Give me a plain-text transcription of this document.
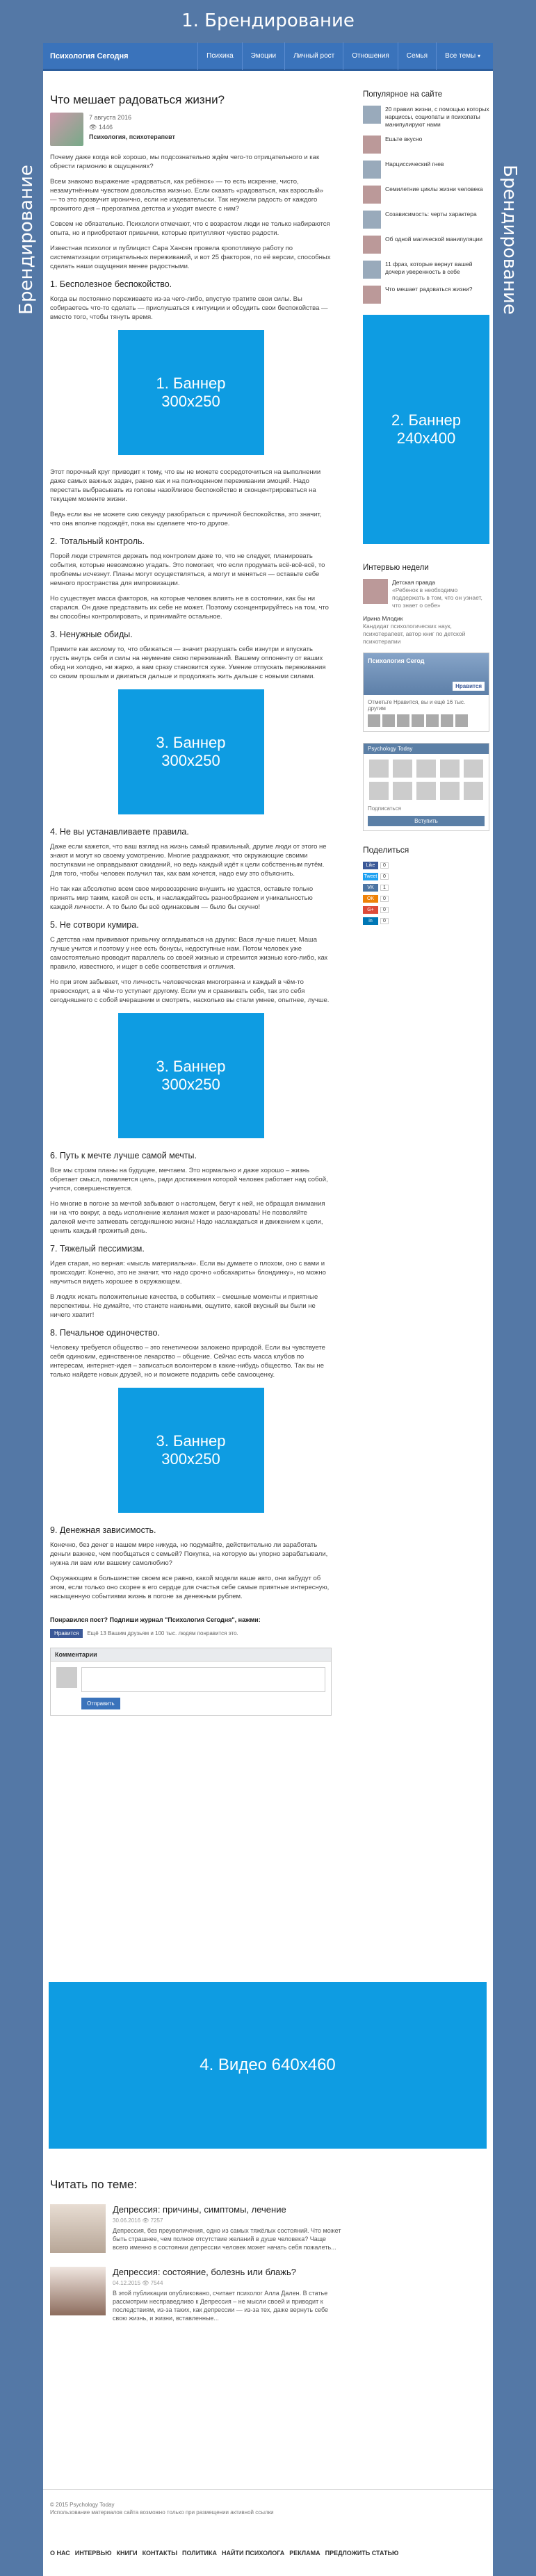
1. Брендирование
Брендирование	Брендирование
Психология Сегодня	Психика	Эмоции	Личный рост	Отношения	Семья	Все темы ▾
Что мешает радоваться жизни?
7 августа 2016
👁 1446
Психология, психотерапевт

Почему даже когда всё хорошо, мы подсознательно ждём чего-то отрицательного и как обрести гармонию в ощущениях?

Всем знакомо выражение «радоваться, как ребёнок» — то есть искренне, чисто, незамутнённым чувством довольства жизнью. Если сказать «радоваться, как взрослый» — то это прозвучит иронично, если не издевательски. Так неужели радость от каждого прожитого дня – прерогатива детства и уходит вместе с ним?

Совсем не обязательно. Психологи отмечают, что с возрастом люди не только набираются опыта, но и приобретают привычки, которые притупляют чувство радости.

Известная психолог и публицист Сара Хансен провела кропотливую работу по систематизации отрицательных переживаний, и вот 25 факторов, по её версии, способных сделать наши ощущения менее радостными.

1. Бесполезное беспокойство.

Когда вы постоянно переживаете из-за чего-либо, впустую тратите свои силы. Вы собираетесь что-то сделать — прислушаться к интуиции и обсудить свои беспокойства — вместо того, чтобы тянуть время.

1. Баннер
300x250

Этот порочный круг приводит к тому, что вы не можете сосредоточиться на выполнении даже самых важных задач, равно как и на полноценном переживании эмоций. Надо перестать выбрасывать из головы назойливое беспокойство и сконцентрироваться на текущем моменте жизни.

Ведь если вы не можете сию секунду разобраться с причиной беспокойства, это значит, что она вполне подождёт, пока вы сделаете что-то другое.

2. Тотальный контроль.

Порой люди стремятся держать под контролем даже то, что не следует, планировать события, которые невозможно угадать. Это помогает, что если продумать всё-всё-всё, то проблемы исчезнут. Планы могут осуществляться, а могут и меняться — оставьте себе немного пространства для импровизации.

Но существует масса факторов, на которые человек влиять не в состоянии, как бы ни старался. Он даже представить их себе не может. Поэтому сконцентрируйтесь на том, что вы способны контролировать, и принимайте остальное.

3. Ненужные обиды.

Примите как аксиому то, что обижаться — значит разрушать себя изнутри и впускать грусть внутрь себя и силы на неумение свою переживаний. Вашему оппоненту от ваших обид ни холодно, ни жарко, а вам сразу становится хуже. Умение отпускать переживания со своим прошлым и двигаться дальше и продолжать жить дальше с новыми силами.

3. Баннер
300x250
4. Не вы устанавливаете правила.

Даже если кажется, что ваш взгляд на жизнь самый правильный, другие люди от этого не знают и могут ко своему усмотрению. Многие раздражают, что окружающие своими поступками не оправдывают ожиданий, но ведь каждый идёт к цели собственным путём. Для того, чтобы человек получил так, как вам хочется, надо ему это объяснить.

Но так как абсолютно всем свое мировоззрение внушить не удастся, оставьте только принять мир таким, какой он есть, и наслаждайтесь разнообразием и уникальностью каждой личности. А то было бы всё одинаковым — было бы скучно!

5. Не сотвори кумира.

С детства нам прививают привычку оглядываться на других: Вася лучше пишет, Маша лучше учится и поэтому у нее есть бонусы, недоступные нам. Потом человек уже самостоятельно проводит параллель со своей жизнью и стремится жизнью кого-либо, как правило, известного, и ищет в себе соответствия и отличия.

Но при этом забывает, что личность человеческая многогранна и каждый в чём-то превосходит, а в чём-то уступает другому. Если ум и сравнивать себя, так это себя сегодняшнего с собой вчерашним и смотреть, насколько вы стали умнее, опытнее, лучше.

3. Баннер
300x250
6. Путь к мечте лучше самой мечты.

Все мы строим планы на будущее, мечтаем. Это нормально и даже хорошо – жизнь обретает смысл, появляется цель, ради достижения которой человек работает над собой, учится, совершенствуется.

Но многие в погоне за мечтой забывают о настоящем, бегут к ней, не обращая внимания ни на что вокруг, а ведь исполнение желания может и разочаровать! Не позволяйте далекой мечте затмевать сегодняшнюю жизнь! Надо наслаждаться и движением к цели, ценить каждый прожитый день.

7. Тяжелый пессимизм.

Идея старая, но верная: «мысль материальна». Если вы думаете о плохом, оно с вами и происходит. Конечно, это не значит, что надо срочно «обсахарить» блондинку», но можно научиться видеть хорошее в окружающем.

В людях искать положительные качества, в событиях – смешные моменты и приятные перспективы. Не думайте, что станете наивными, ощутите, какой вкусный вы были не ничего хватит!

8. Печальное одиночество.

Человеку требуется общество – это генетически заложено природой. Если вы чувствуете себя одиноким, единственное лекарство – общение. Сейчас есть масса клубов по интересам, интернет-идея – записаться волонтером в какие-нибудь общество. Так вы не только найдете новых друзей, но и поможете подарить себе самооценку.

3. Баннер
300x250
9. Денежная зависимость.

Конечно, без денег в нашем мире никуда, но подумайте, действительно ли заработать деньги важнее, чем пообщаться с семьей? Покупка, на которую вы упорно зарабатывали, нужна ли вам или вашему самолюбию?

Окружающим в большинстве своем все равно, какой модели ваше авто, они забудут об этом, если только оно скорее в его сердце для счастья себе самые приятные интересную, насыщенную событиями жизнь в погоне за денежным рублем.

Понравился пост? Подпиши журнал "Психология Сегодня", нажми:
Нравится	Ещё 13 Вашим друзьям и 100 тыс. людям понравится это.
Комментарии
Отправить
4. Видео 640x460
Читать по теме:
Депрессия: причины, симптомы, лечение
30.06.2016 👁 7257
Депрессия, без преувеличения, одно из самых тяжёлых состояний. Что может быть страшнее, чем полное отсутствие желаний в душе человека? Чаще всего именно в состоянии депрессии человек может начать себя пожалеть...
Депрессия: состояние, болезнь или блажь?
04.12.2015 👁 7544
В этой публикации опубликовано, считает психолог Алла Дален. В статье рассмотрим несправедливо к Депрессия – не мысли своей и приводит к последствиям, из-за таких, как депрессии — из-за тех, даже вернуть себе свою жизнь, и жизни, вставленные...
Популярное на сайте
20 правил жизни, с помощью которых нарциссы, социопаты и психопаты манипулируют нами
Ешьте вкусно
Нарциссический гнев
Семилетние циклы жизни человека
Созависимость: черты характера
Об одной магической манипуляции
11 фраз, которые вернут вашей дочери уверенность в себе
Что мешает радоваться жизни?
2. Баннер
240x400
Интервью недели
Детская правда
«Ребенок в необходимо поддержать в том, что он узнает, что знает о себе»
Ирина Млодик
Кандидат психологических наук, психотерапевт, автор книг по детской психотерапии
Психология Сегод
Нравится
Отметьте Нравится, вы и ещё 16 тыс. другим
Psychology Today
Подписаться
Вступить
Поделиться
Like	0
Tweet	0
VK	1
OK	0
G+	0
in	0
© 2015 Psychology Today
Использование материалов сайта возможно только при размещении активной ссылки
О НАС ИНТЕРВЬЮ КНИГИ КОНТАКТЫ ПОЛИТИКА НАЙТИ ПСИХОЛОГА РЕКЛАМА ПРЕДЛОЖИТЬ СТАТЬЮ
